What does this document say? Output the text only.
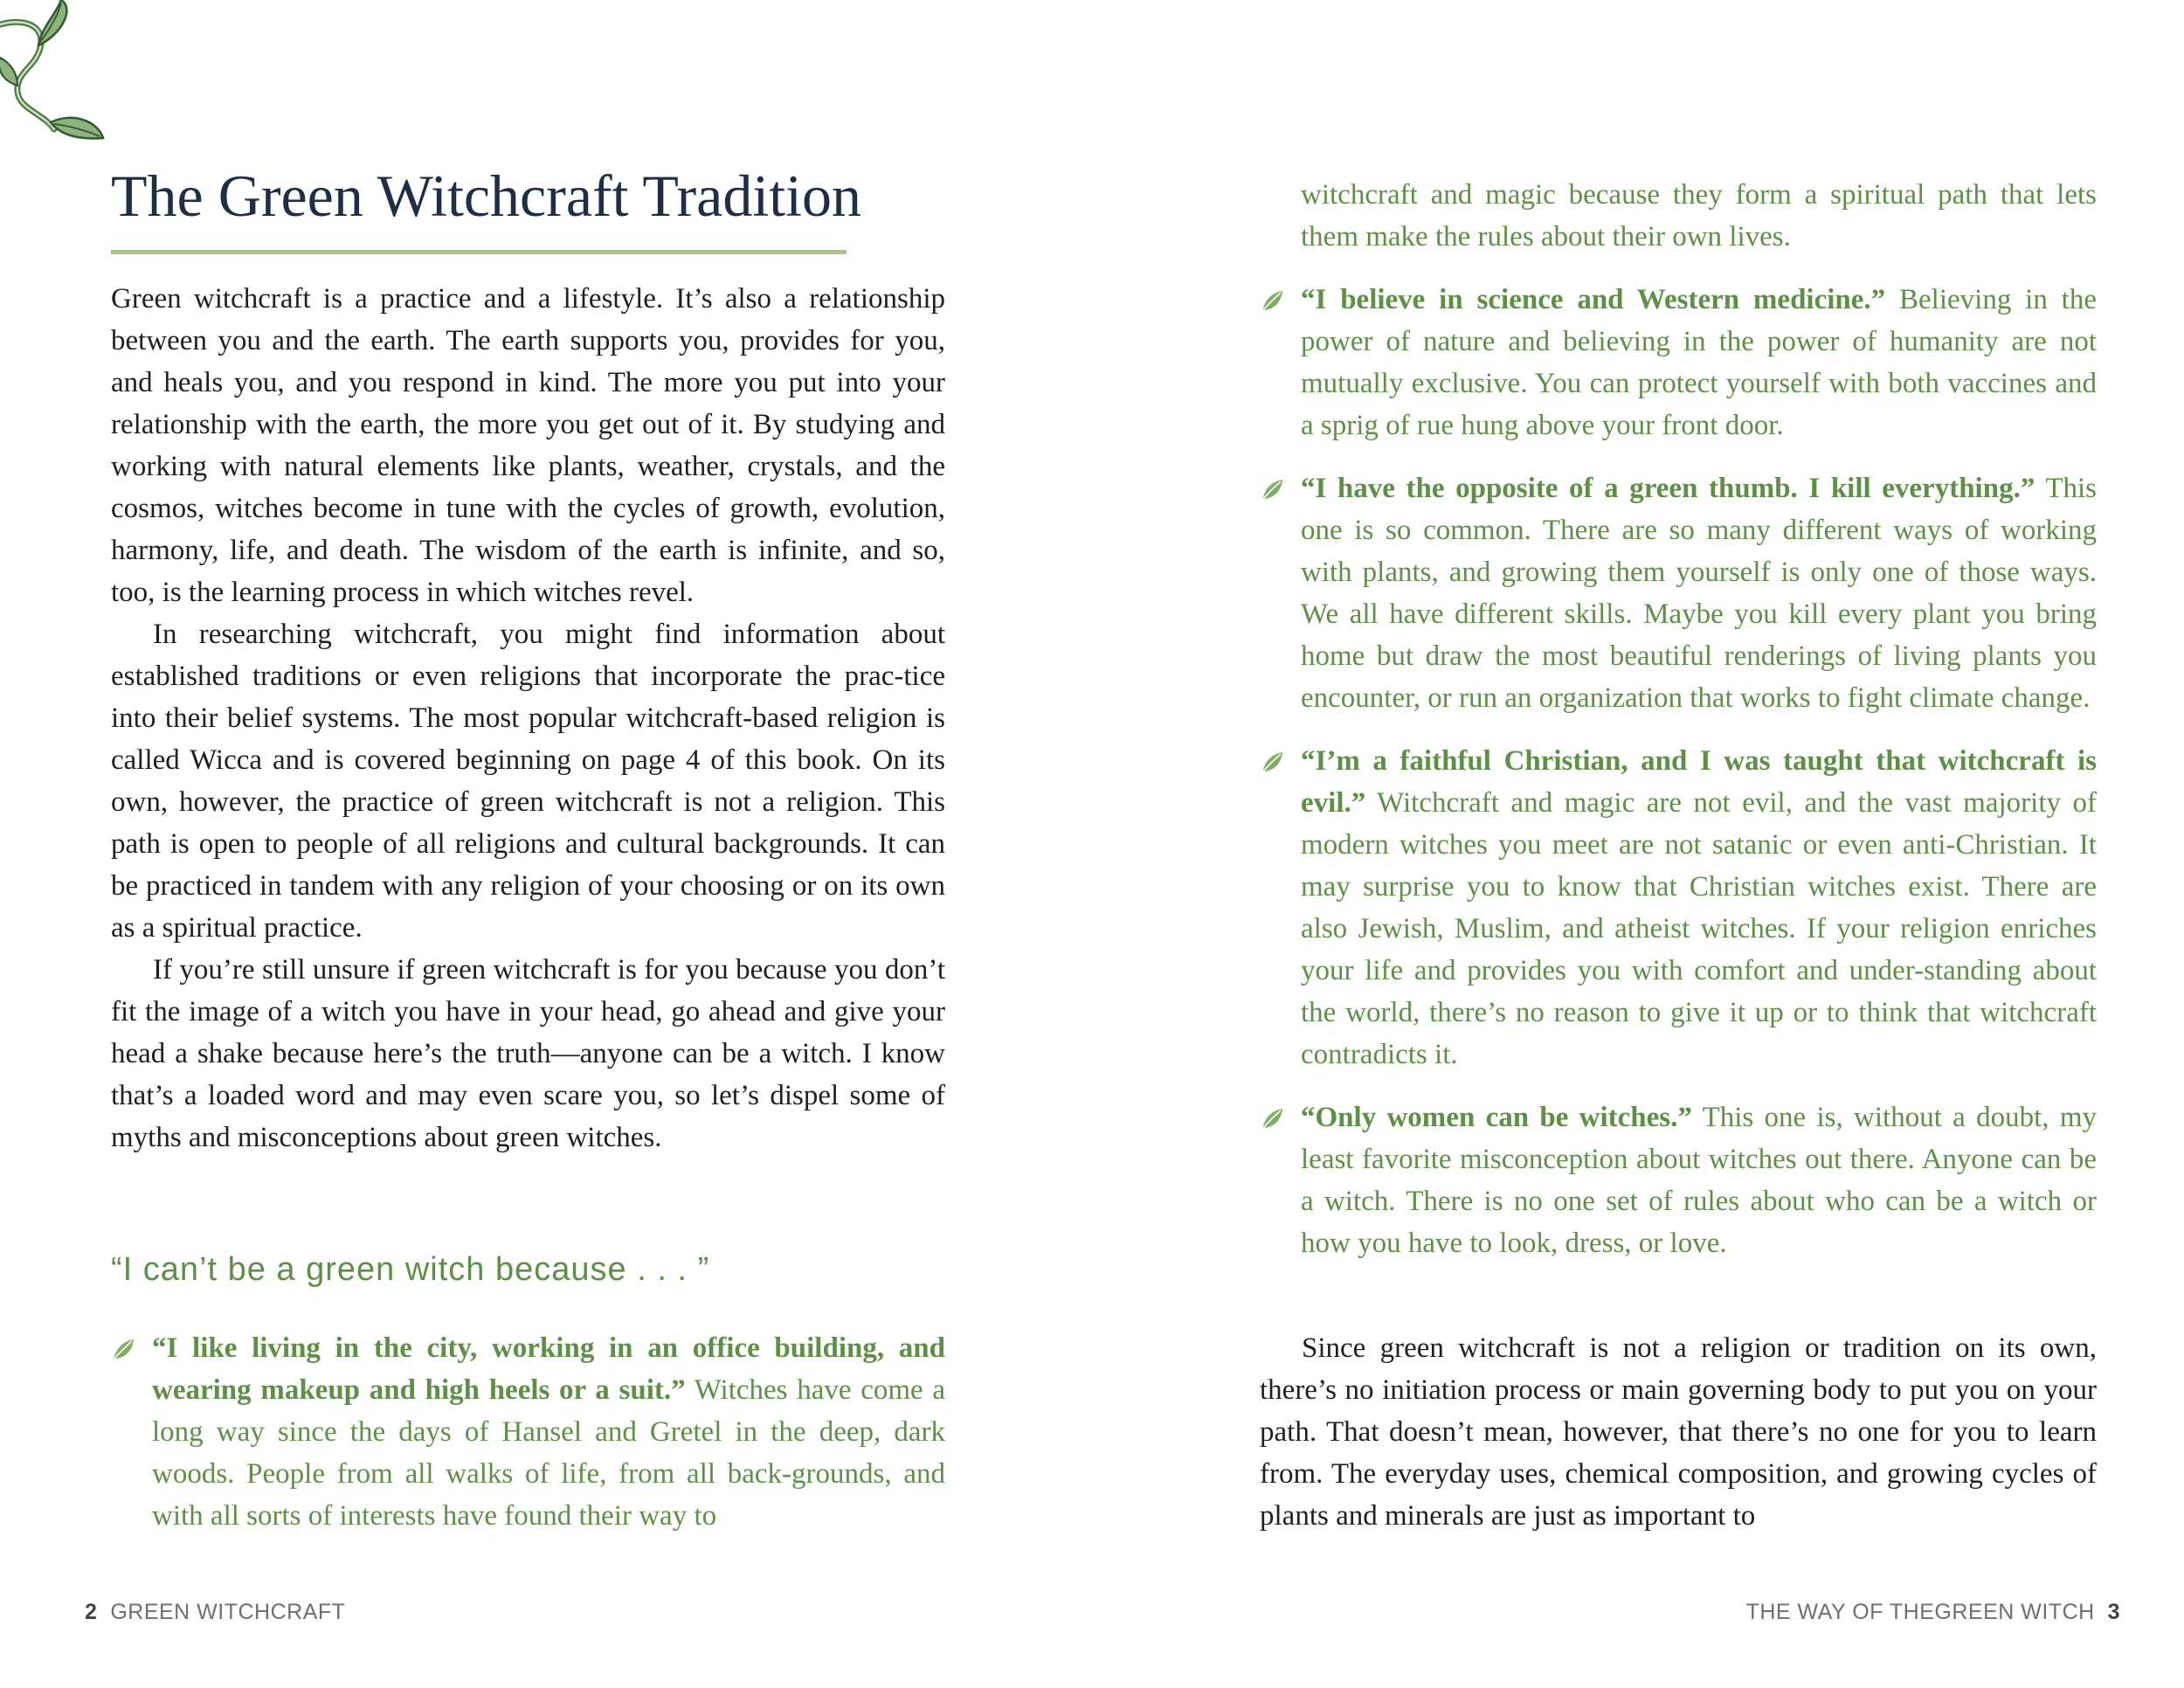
The Green Witchcraft Tradition

Green witchcraft is a practice and a lifestyle. It’s also a relationship between you and the earth. The earth supports you, provides for you, and heals you, and you respond in kind. The more you put into your relationship with the earth, the more you get out of it. By studying and working with natural elements like plants, weather, crystals, and the cosmos, witches become in tune with the cycles of growth, evolution, harmony, life, and death. The wisdom of the earth is infinite, and so, too, is the learning process in which witches revel.

In researching witchcraft, you might find information about established traditions or even religions that incorporate the prac-tice into their belief systems. The most popular witchcraft-based religion is called Wicca and is covered beginning on page 4 of this book. On its own, however, the practice of green witchcraft is not a religion. This path is open to people of all religions and cultural backgrounds. It can be practiced in tandem with any religion of your choosing or on its own as a spiritual practice.

If you’re still unsure if green witchcraft is for you because you don’t fit the image of a witch you have in your head, go ahead and give your head a shake because here’s the truth—anyone can be a witch. I know that’s a loaded word and may even scare you, so let’s dispel some of myths and misconceptions about green witches.

“I can’t be a green witch because . . . ”

“I like living in the city, working in an office building, and wearing makeup and high heels or a suit.” Witches have come a long way since the days of Hansel and Gretel in the deep, dark woods. People from all walks of life, from all back-grounds, and with all sorts of interests have found their way to

2 GREEN WITCHCRAFT

witchcraft and magic because they form a spiritual path that lets them make the rules about their own lives.

“I believe in science and Western medicine.” Believing in the power of nature and believing in the power of humanity are not mutually exclusive. You can protect yourself with both vaccines and a sprig of rue hung above your front door.

“I have the opposite of a green thumb. I kill everything.” This one is so common. There are so many different ways of working with plants, and growing them yourself is only one of those ways. We all have different skills. Maybe you kill every plant you bring home but draw the most beautiful renderings of living plants you encounter, or run an organization that works to fight climate change.

“I’m a faithful Christian, and I was taught that witchcraft is evil.” Witchcraft and magic are not evil, and the vast majority of modern witches you meet are not satanic or even anti-Christian. It may surprise you to know that Christian witches exist. There are also Jewish, Muslim, and atheist witches. If your religion enriches your life and provides you with comfort and under-standing about the world, there’s no reason to give it up or to think that witchcraft contradicts it.

“Only women can be witches.” This one is, without a doubt, my least favorite misconception about witches out there. Anyone can be a witch. There is no one set of rules about who can be a witch or how you have to look, dress, or love.

Since green witchcraft is not a religion or tradition on its own, there’s no initiation process or main governing body to put you on your path. That doesn’t mean, however, that there’s no one for you to learn from. The everyday uses, chemical composition, and growing cycles of plants and minerals are just as important to

THE WAY OF THEGREEN WITCH 3
